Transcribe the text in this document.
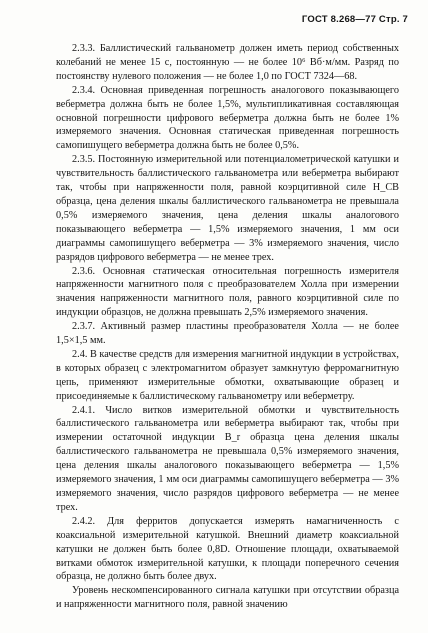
ГОСТ 8.268—77 Стр. 7

2.3.3. Баллистический гальванометр должен иметь период собственных колебаний не менее 15 с, постоянную — не более 10⁶ Вб·м/мм. Разряд по постоянству нулевого положения — не более 1,0 по ГОСТ 7324—68.

2.3.4. Основная приведенная погрешность аналогового показывающего веберметра должна быть не более 1,5%, мультипликативная составляющая основной погрешности цифрового веберметра должна быть не более 1% измеряемого значения. Основная статическая приведенная погрешность самопишущего веберметра должна быть не более 0,5%.

2.3.5. Постоянную измерительной или потенциалометрической катушки и чувствительность баллистического гальванометра или веберметра выбирают так, чтобы при напряженности поля, равной коэрцитивной силе H_CB образца, цена деления шкалы баллистического гальванометра не превышала 0,5% измеряемого значения, цена деления шкалы аналогового показывающего веберметра — 1,5% измеряемого значения, 1 мм оси диаграммы самопишущего веберметра — 3% измеряемого значения, число разрядов цифрового веберметра — не менее трех.

2.3.6. Основная статическая относительная погрешность измерителя напряженности магнитного поля с преобразователем Холла при измерении значения напряженности магнитного поля, равного коэрцитивной силе по индукции образцов, не должна превышать 2,5% измеряемого значения.

2.3.7. Активный размер пластины преобразователя Холла — не более 1,5×1,5 мм.

2.4. В качестве средств для измерения магнитной индукции в устройствах, в которых образец с электромагнитом образует замкнутую ферромагнитную цепь, применяют измерительные обмотки, охватывающие образец и присоединяемые к баллистическому гальванометру или веберметру.

2.4.1. Число витков измерительной обмотки и чувствительность баллистического гальванометра или веберметра выбирают так, чтобы при измерении остаточной индукции B_r образца цена деления шкалы баллистического гальванометра не превышала 0,5% измеряемого значения, цена деления шкалы аналогового показывающего веберметра — 1,5% измеряемого значения, 1 мм оси диаграммы самопишущего веберметра — 3% измеряемого значения, число разрядов цифрового веберметра — не менее трех.

2.4.2. Для ферритов допускается измерять намагниченность с коаксиальной измерительной катушкой. Внешний диаметр коаксиальной катушки не должен быть более 0,8D. Отношение площади, охватываемой витками обмоток измерительной катушки, к площади поперечного сечения образца, не должно быть более двух.

Уровень нескомпенсированного сигнала катушки при отсутствии образца и напряженности магнитного поля, равной значению
